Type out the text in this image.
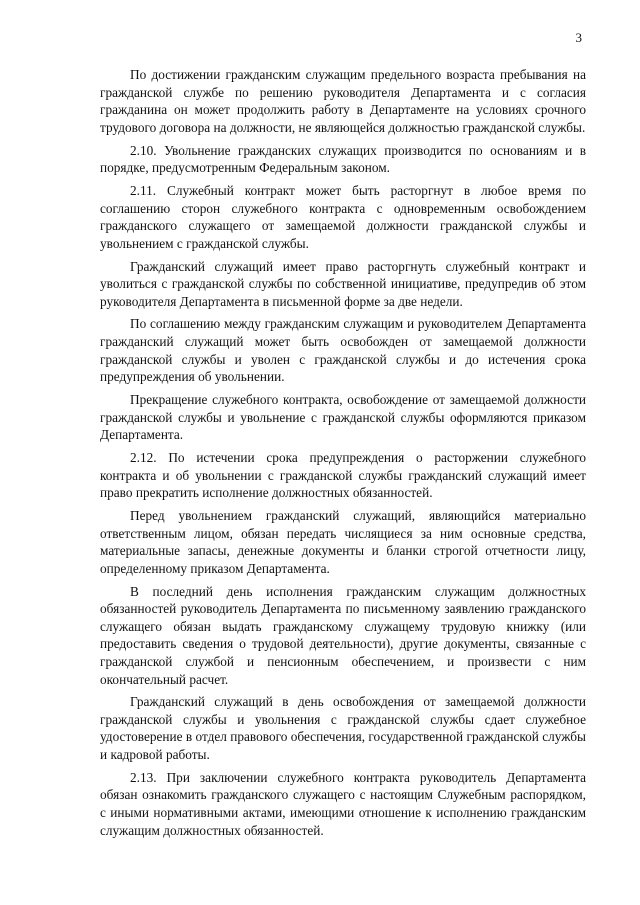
3

По достижении гражданским служащим предельного возраста пребывания на гражданской службе по решению руководителя Департамента и с согласия гражданина он может продолжить работу в Департаменте на условиях срочного трудового договора на должности, не являющейся должностью гражданской службы.

2.10. Увольнение гражданских служащих производится по основаниям и в порядке, предусмотренным Федеральным законом.

2.11. Служебный контракт может быть расторгнут в любое время по соглашению сторон служебного контракта с одновременным освобождением гражданского служащего от замещаемой должности гражданской службы и увольнением с гражданской службы.

Гражданский служащий имеет право расторгнуть служебный контракт и уволиться с гражданской службы по собственной инициативе, предупредив об этом руководителя Департамента в письменной форме за две недели.

По соглашению между гражданским служащим и руководителем Департамента гражданский служащий может быть освобожден от замещаемой должности гражданской службы и уволен с гражданской службы и до истечения срока предупреждения об увольнении.

Прекращение служебного контракта, освобождение от замещаемой должности гражданской службы и увольнение с гражданской службы оформляются приказом Департамента.

2.12. По истечении срока предупреждения о расторжении служебного контракта и об увольнении с гражданской службы гражданский служащий имеет право прекратить исполнение должностных обязанностей.

Перед увольнением гражданский служащий, являющийся материально ответственным лицом, обязан передать числящиеся за ним основные средства, материальные запасы, денежные документы и бланки строгой отчетности лицу, определенному приказом Департамента.

В последний день исполнения гражданским служащим должностных обязанностей руководитель Департамента по письменному заявлению гражданского служащего обязан выдать гражданскому служащему трудовую книжку (или предоставить сведения о трудовой деятельности), другие документы, связанные с гражданской службой и пенсионным обеспечением, и произвести с ним окончательный расчет.

Гражданский служащий в день освобождения от замещаемой должности гражданской службы и увольнения с гражданской службы сдает служебное удостоверение в отдел правового обеспечения, государственной гражданской службы и кадровой работы.

2.13. При заключении служебного контракта руководитель Департамента обязан ознакомить гражданского служащего с настоящим Служебным распорядком, с иными нормативными актами, имеющими отношение к исполнению гражданским служащим должностных обязанностей.
